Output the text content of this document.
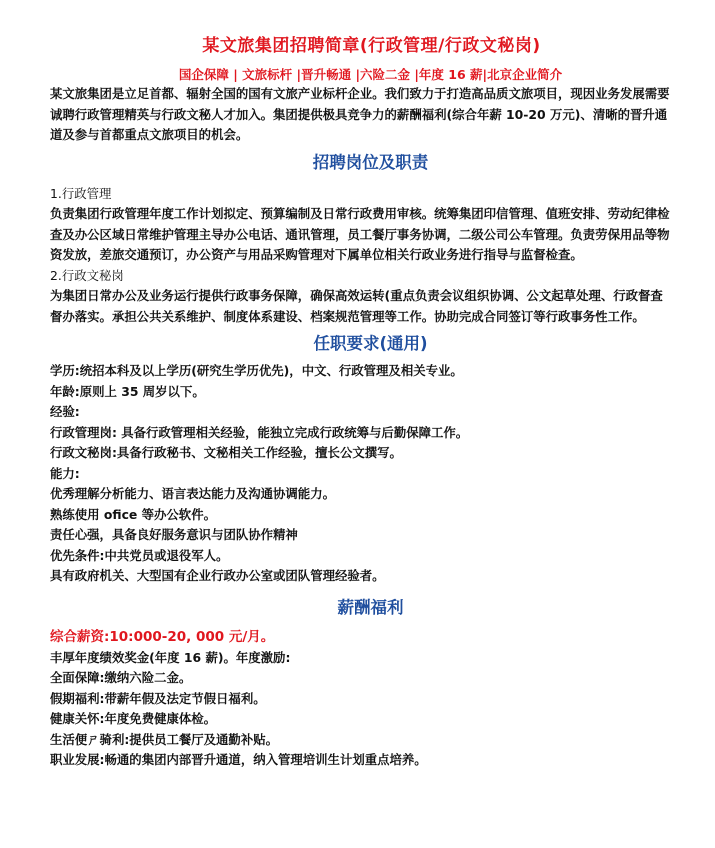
某文旅集团招聘简章(行政管理/行政文秘岗)
国企保障 | 文旅标杆 |晋升畅通 |六险二金 |年度 16 薪|北京企业简介

某文旅集团是立足首都、辐射全国的国有文旅产业标杆企业。我们致力于打造高品质文旅项目，现因业务发展需要诚聘行政管理精英与行政文秘人才加入。集团提供极具竞争力的薪酬福利(综合年薪 10-20 万元)、清晰的晋升通道及参与首都重点文旅项目的机会。

招聘岗位及职责
1.行政管理

负责集团行政管理年度工作计划拟定、预算编制及日常行政费用审核。统筹集团印信管理、值班安排、劳动纪律检查及办公区域日常维护管理主导办公电话、通讯管理，员工餐厅事务协调，二级公司公车管理。负责劳保用品等物资发放，差旅交通预订，办公资产与用品采购管理对下属单位相关行政业务进行指导与监督检查。

2.行政文秘岗

为集团日常办公及业务运行提供行政事务保障，确保高效运转(重点负责会议组织协调、公文起草处理、行政督查督办落实。承担公共关系维护、制度体系建设、档案规范管理等工作。协助完成合同签订等行政事务性工作。

任职要求(通用)
学历:统招本科及以上学历(研究生学历优先)，中文、行政管理及相关专业。
年龄:原则上 35 周岁以下。
经验:
行政管理岗: 具备行政管理相关经验，能独立完成行政统筹与后勤保障工作。
行政文秘岗:具备行政秘书、文秘相关工作经验，擅长公文撰写。
能力:
优秀理解分析能力、语言表达能力及沟通协调能力。
熟练使用 ofice 等办公软件。
责任心强，具备良好服务意识与团队协作精神
优先条件:中共党员或退役军人。
具有政府机关、大型国有企业行政办公室或团队管理经验者。
薪酬福利
综合薪资:10:000-20, 000 元/月。
丰厚年度绩效奖金(年度 16 薪)。年度激励:
全面保障:缴纳六险二金。
假期福利:带薪年假及法定节假日福利。
健康关怀:年度免费健康体检。
生活便ㄕ骑利:提供员工餐厅及通勤补贴。
职业发展:畅通的集团内部晋升通道，纳入管理培训生计划重点培养。
